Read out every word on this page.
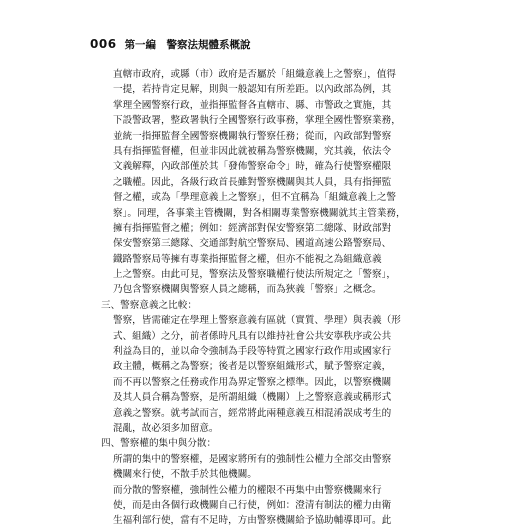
006 第一編　警察法規體系概說
直轄市政府，或縣（市）政府是否屬於「組織意義上之警察」，值得
一提，若持肯定見解，則與一般認知有所差距。以內政部為例，其
掌理全國警察行政，並指揮監督各直轄市、縣、市警政之實施，其
下設警政署，整政署執行全國警察行政事務，掌理全國性警察業務，
並統一指揮監督全國警察機關執行警察任務；從而，內政部對警察
具有指揮監督權，但並非因此就被稱為警察機關，究其義，依法令
文義解釋，內政部僅於其「發佈警察命令」時，確為行使警察權限
之職權。因此，各級行政首長雖對警察機關與其人員，具有指揮監
督之權，或為「學理意義上之警察」，但不宜稱為「組織意義上之警
察」。同理，各事業主管機關，對各相關專業警察機關就其主管業務，
擁有指揮監督之權；例如：經濟部對保安警察第二總隊、財政部對
保安警察第三總隊、交通部對航空警察局、國道高速公路警察局、
鐵路警察局等擁有專業指揮監督之權，但亦不能視之為組織意義
上之警察。由此可見，警察法及警察職權行使法所規定之「警察」，
乃包含警察機關與警察人員之總稱，而為狹義「警察」之概念。
三、警察意義之比較：
警察，皆需確定在學理上警察意義有區就（實質、學理）與表義（形
式、組織）之分，前者係時凡具有以維持社會公共安寧秩序或公共
利益為目的，並以命令強制為手段等特質之國家行政作用或國家行
政主體，概稱之為警察；後者是以警察組織形式，賦予警察定義，
而不再以警察之任務或作用為界定警察之標準。因此，以警察機關
及其人員合稱為警察，是所謂組織（機關）上之警察意義或稱形式
意義之警察。就考試而言，經常將此兩種意義互相混淆誤成考生的
混亂，故必須多加留意。
四、警察權的集中與分散：
所謂的集中的警察權，是國家將所有的強制性公權力全部交由警察
機關來行使，不散手於其他機關。
而分散的警察權，強制性公權力的權限不再集中由警察機關來行
使，而是由各個行政機關自己行使，例如：澄清有制法的權力由衛
生福利部行使，當有不足時，方由警察機關給予協助輔導即可。此
